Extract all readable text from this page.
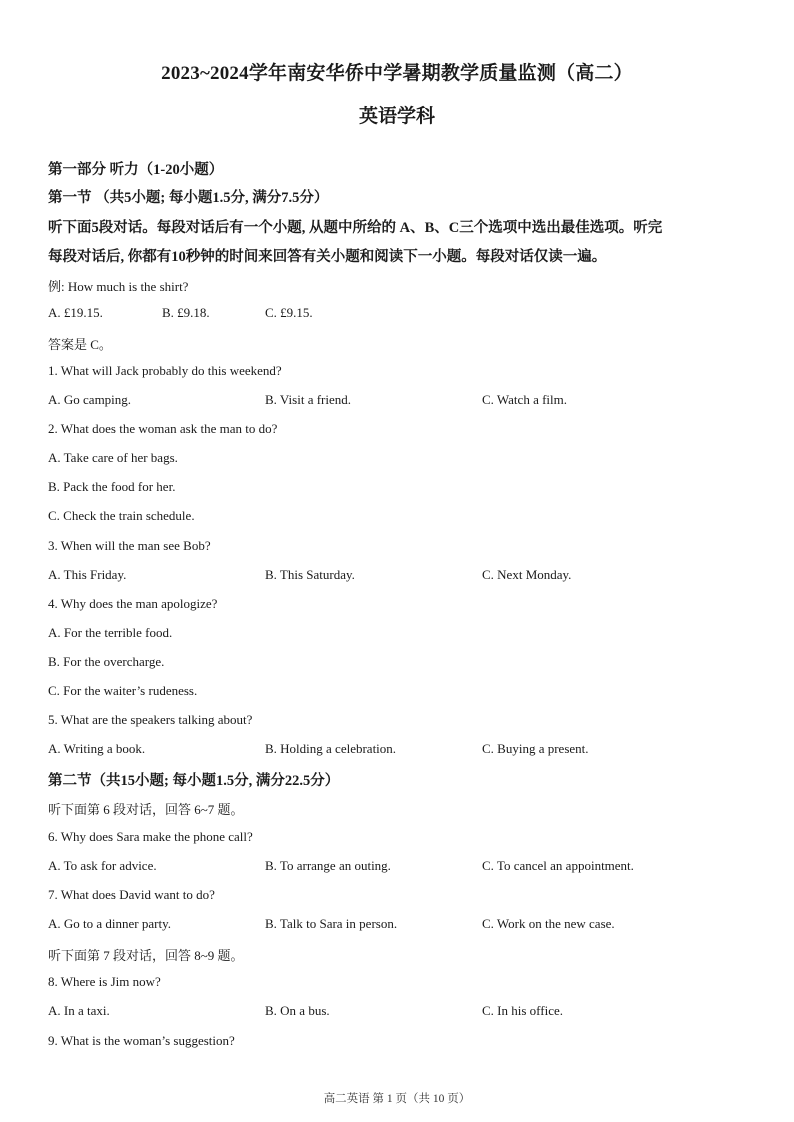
2023~2024学年南安华侨中学暑期教学质量监测（高二）
英语学科
第一部分 听力（1-20小题）
第一节 （共5小题; 每小题1.5分, 满分7.5分）
听下面5段对话。每段对话后有一个小题, 从题中所给的 A、B、C三个选项中选出最佳选项。听完
每段对话后, 你都有10秒钟的时间来回答有关小题和阅读下一小题。每段对话仅读一遍。
例: How much is the shirt?
A. £19.15.	B. £9.18.	C. £9.15.
答案是 C。
1. What will Jack probably do this weekend?
A. Go camping.	B. Visit a friend.	C. Watch a film.
2. What does the woman ask the man to do?
A. Take care of her bags.
B. Pack the food for her.
C. Check the train schedule.
3. When will the man see Bob?
A. This Friday.	B. This Saturday.	C. Next Monday.
4. Why does the man apologize?
A. For the terrible food.
B. For the overcharge.
C. For the waiter’s rudeness.
5. What are the speakers talking about?
A. Writing a book.	B. Holding a celebration.	C. Buying a present.
第二节（共15小题; 每小题1.5分, 满分22.5分）
听下面第 6 段对话，回答 6~7 题。
6. Why does Sara make the phone call?
A. To ask for advice.	B. To arrange an outing.	C. To cancel an appointment.
7. What does David want to do?
A. Go to a dinner party.	B. Talk to Sara in person.	C. Work on the new case.
听下面第 7 段对话，回答 8~9 题。
8. Where is Jim now?
A. In a taxi.	B. On a bus.	C. In his office.
9. What is the woman’s suggestion?
高二英语 第 1 页（共 10 页）
